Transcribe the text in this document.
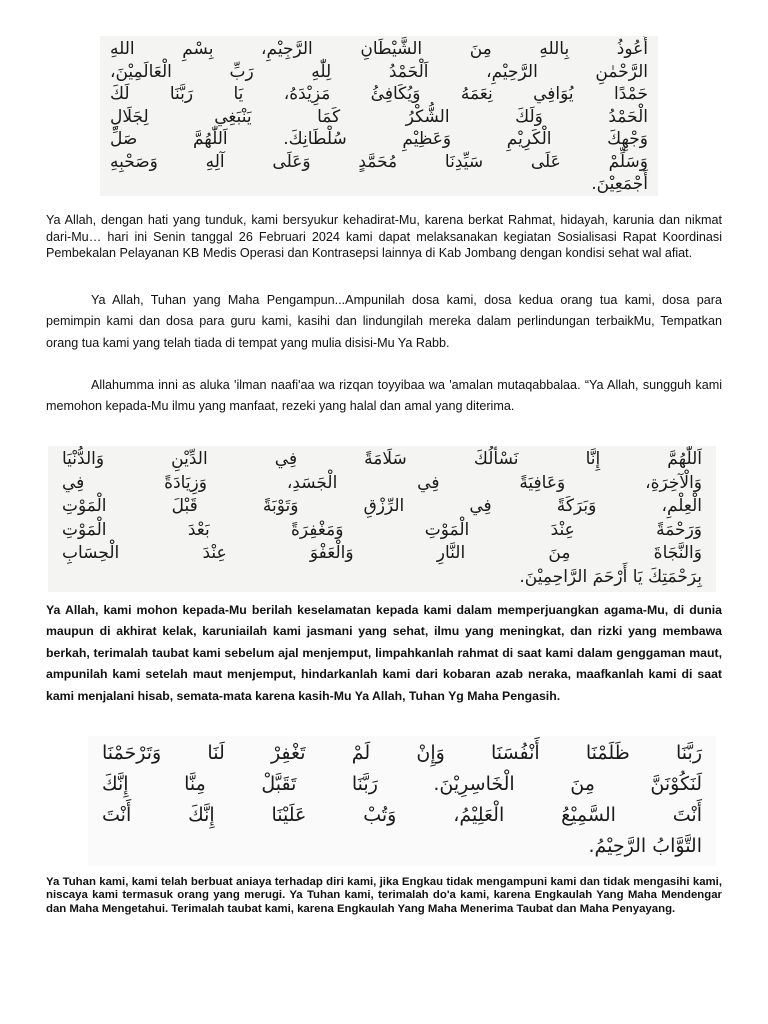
أَعُوذُ بِاللهِ مِنَ الشَّيْطَانِ الرَّجِيْمِ، بِسْمِ اللهِ
الرَّحْمٰنِ الرَّحِيْمِ، اَلْحَمْدُ لِلّٰهِ رَبِّ الْعَالَمِيْنَ،
حَمْدًا يُوَافِي نِعَمَهُ وَيُكَافِئُ مَزِيْدَهُ، يَا رَبَّنَا لَكَ
الْحَمْدُ وَلَكَ الشُّكْرُ كَمَا يَنْبَغِي لِجَلَالِ
وَجْهِكَ الْكَرِيْمِ وَعَظِيْمِ سُلْطَانِكَ. اَللّٰهُمَّ صَلِّ
وَسَلِّمْ عَلَى سَيِّدِنَا مُحَمَّدٍ وَعَلَى آلِهِ وَصَحْبِهِ
أَجْمَعِيْنَ.

Ya Allah, dengan hati yang tunduk, kami bersyukur kehadirat-Mu, karena berkat Rahmat, hidayah, karunia dan nikmat dari-Mu… hari ini Senin tanggal 26 Februari 2024 kami dapat melaksanakan kegiatan Sosialisasi Rapat Koordinasi Pembekalan Pelayanan KB Medis Operasi dan Kontrasepsi lainnya di Kab Jombang dengan kondisi sehat wal afiat.

Ya Allah, Tuhan yang Maha Pengampun...Ampunilah dosa kami, dosa kedua orang tua kami, dosa para pemimpin kami dan dosa para guru kami, kasihi dan lindungilah mereka dalam perlindungan terbaikMu, Tempatkan orang tua kami yang telah tiada di tempat yang mulia disisi-Mu Ya Rabb.

Allahumma inni as aluka 'ilman naafi'aa wa rizqan toyyibaa wa 'amalan mutaqabbalaa. “Ya Allah, sungguh kami memohon kepada-Mu ilmu yang manfaat, rezeki yang halal dan amal yang diterima.

اَللّٰهُمَّ إِنَّا نَسْأَلُكَ سَلَامَةً فِي الدِّيْنِ وَالدُّنْيَا
وَالْآخِرَةِ، وَعَافِيَةً فِي الْجَسَدِ، وَزِيَادَةً فِي
الْعِلْمِ، وَبَرَكَةً فِي الرِّزْقِ وَتَوْبَةً قَبْلَ الْمَوْتِ
وَرَحْمَةً عِنْدَ الْمَوْتِ وَمَغْفِرَةً بَعْدَ الْمَوْتِ
وَالنَّجَاةَ مِنَ النَّارِ وَالْعَفْوَ عِنْدَ الْحِسَابِ
بِرَحْمَتِكَ يَا أَرْحَمَ الرَّاحِمِيْنَ.

Ya Allah, kami mohon kepada-Mu berilah keselamatan kepada kami dalam memperjuangkan agama-Mu, di dunia maupun di akhirat kelak, karuniailah kami jasmani yang sehat, ilmu yang meningkat, dan rizki yang membawa berkah, terimalah taubat kami sebelum ajal menjemput, limpahkanlah rahmat di saat kami dalam genggaman maut, ampunilah kami setelah maut menjemput, hindarkanlah kami dari kobaran azab neraka, maafkanlah kami di saat kami menjalani hisab, semata-mata karena kasih-Mu Ya Allah, Tuhan Yg Maha Pengasih.

رَبَّنَا ظَلَمْنَا أَنْفُسَنَا وَإِنْ لَمْ تَغْفِرْ لَنَا وَتَرْحَمْنَا
لَنَكُوْنَنَّ مِنَ الْخَاسِرِيْنَ. رَبَّنَا تَقَبَّلْ مِنَّا إِنَّكَ
أَنْتَ السَّمِيْعُ الْعَلِيْمُ، وَتُبْ عَلَيْنَا إِنَّكَ أَنْتَ
التَّوَّابُ الرَّحِيْمُ.

Ya Tuhan kami, kami telah berbuat aniaya terhadap diri kami, jika Engkau tidak mengampuni kami dan tidak mengasihi kami, niscaya kami termasuk orang yang merugi. Ya Tuhan kami, terimalah do'a kami, karena Engkaulah Yang Maha Mendengar dan Maha Mengetahui. Terimalah taubat kami, karena Engkaulah Yang Maha Menerima Taubat dan Maha Penyayang.
